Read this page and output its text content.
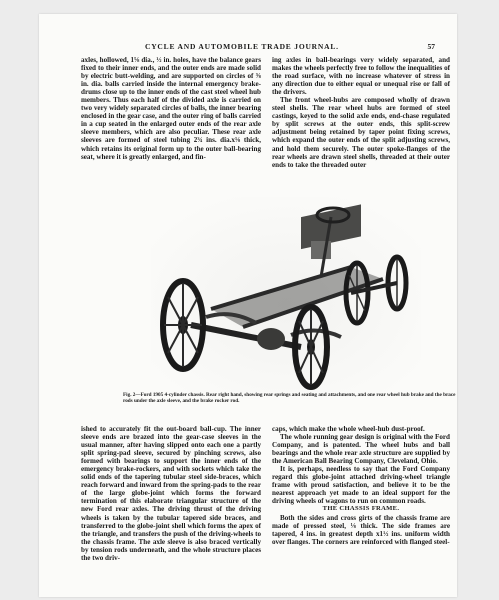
CYCLE AND AUTOMOBILE TRADE JOURNAL.	57

axles, hollowed, 1⅝ dia., ½ in. holes, have the balance gears fixed to their inner ends, and the outer ends are made solid by electric butt-welding, and are supported on circles of ⅜ in. dia. balls carried inside the internal emergency brake-drums close up to the inner ends of the cast steel wheel hub members. Thus each half of the divided axle is carried on two very widely separated circles of balls, the inner bearing enclosed in the gear case, and the outer ring of balls carried in a cup seated in the enlarged outer ends of the rear axle sleeve members, which are also peculiar. These rear axle sleeves are formed of steel tubing 2¾ ins. dia.x⅛ thick, which retains its original form up to the outer ball-bearing seat, where it is greatly enlarged, and fin-

ing axles in ball-bearings very widely separated, and makes the wheels perfectly free to follow the inequalities of the road surface, with no increase whatever of stress in any direction due to either equal or unequal rise or fall of the drivers.

The front wheel-hubs are composed wholly of drawn steel shells. The rear wheel hubs are formed of steel castings, keyed to the solid axle ends, end-chase regulated by split screws at the outer ends, this split-screw adjustment being retained by taper point fixing screws, which expand the outer ends of the split adjusting screws, and hold them securely. The outer spoke-flanges of the rear wheels are drawn steel shells, threaded at their outer ends to take the threaded outer

Fig. 2—Ford 1905 4-cylinder chassis. Rear right hand, showing rear springs and seating and attachments, and one rear wheel hub brake and the brace rods under the axle sleeve, and the brake rocker rod.

ished to accurately fit the out-board ball-cup. The inner sleeve ends are brazed into the gear-case sleeves in the usual manner, after having slipped onto each one a partly split spring-pad sleeve, secured by pinching screws, also formed with bearings to support the inner ends of the emergency brake-rockers, and with sockets which take the solid ends of the tapering tubular steel side-braces, which reach forward and inward from the spring-pads to the rear of the large globe-joint which forms the forward termination of this elaborate triangular structure of the new Ford rear axles. The driving thrust of the driving wheels is taken by the tubular tapered side braces, and transferred to the globe-joint shell which forms the apex of the triangle, and transfers the push of the driving-wheels to the chassis frame. The axle sleeve is also braced vertically by tension rods underneath, and the whole structure places the two driv-

caps, which make the whole wheel-hub dust-proof.

The whole running gear design is original with the Ford Company, and is patented. The wheel hubs and ball bearings and the whole rear axle structure are supplied by the American Ball Bearing Company, Cleveland, Ohio.

It is, perhaps, needless to say that the Ford Company regard this globe-joint attached driving-wheel triangle frame with proud satisfaction, and believe it to be the nearest approach yet made to an ideal support for the driving wheels of wagons to run on common roads.

THE CHASSIS FRAME.

Both the sides and cross girts of the chassis frame are made of pressed steel, ⅛ thick. The side frames are tapered, 4 ins. in greatest depth x1½ ins. uniform width over flanges. The corners are reinforced with flanged steel-
